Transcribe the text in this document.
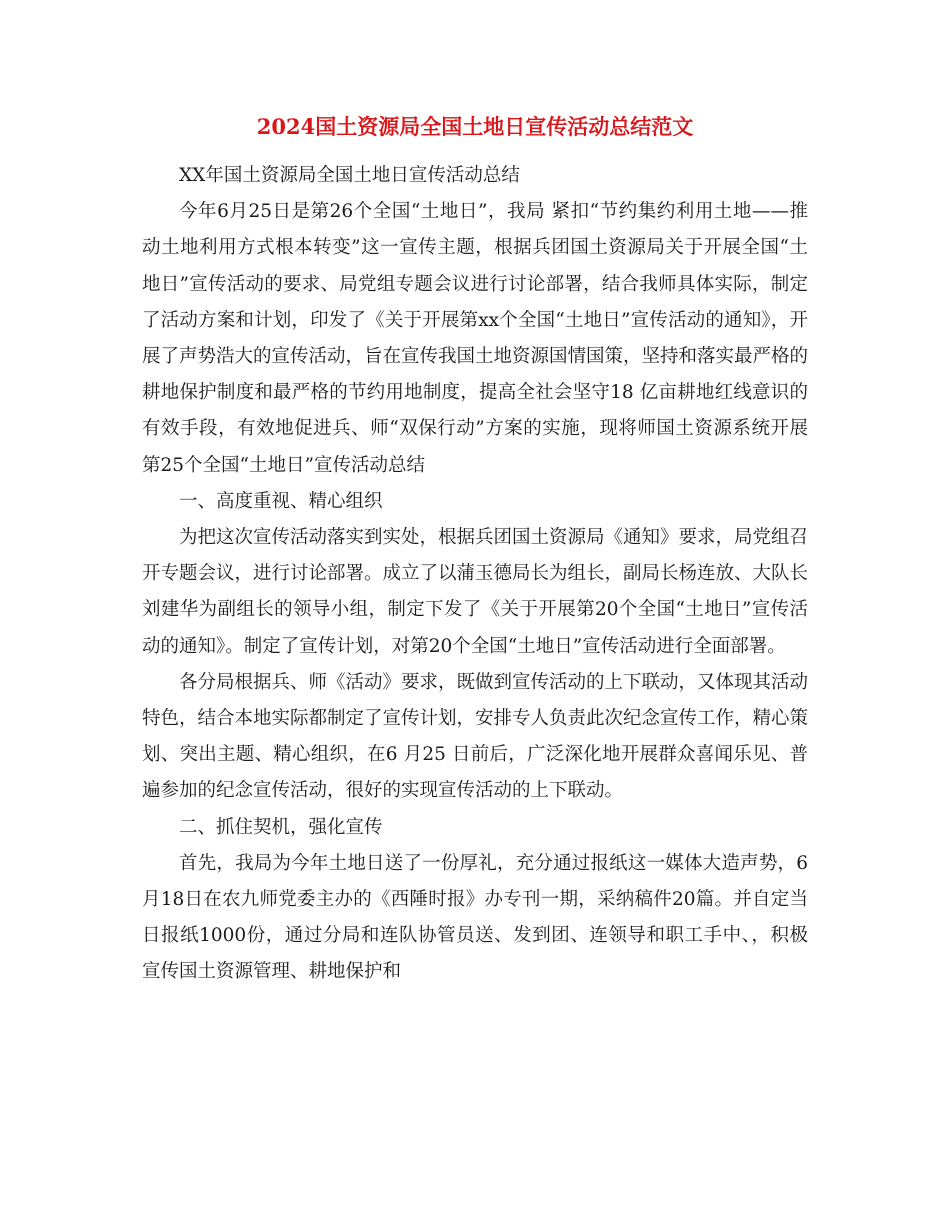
2024国土资源局全国土地日宣传活动总结范文

XX年国土资源局全国土地日宣传活动总结

今年6月25日是第26个全国“土地日”，我局 紧扣“节约集约利用土地——推动土地利用方式根本转变”这一宣传主题，根据兵团国土资源局关于开展全国“土地日”宣传活动的要求、局党组专题会议进行讨论部署，结合我师具体实际，制定了活动方案和计划，印发了《关于开展第xx个全国“土地日”宣传活动的通知》，开展了声势浩大的宣传活动，旨在宣传我国土地资源国情国策，坚持和落实最严格的耕地保护制度和最严格的节约用地制度，提高全社会坚守18 亿亩耕地红线意识的有效手段，有效地促进兵、师“双保行动”方案的实施，现将师国土资源系统开展第25个全国“土地日”宣传活动总结

一、高度重视、精心组织

为把这次宣传活动落实到实处，根据兵团国土资源局《通知》要求，局党组召开专题会议，进行讨论部署。成立了以蒲玉德局长为组长，副局长杨连放、大队长刘建华为副组长的领导小组，制定下发了《关于开展第20个全国“土地日”宣传活动的通知》。制定了宣传计划，对第20个全国“土地日”宣传活动进行全面部署。

各分局根据兵、师《活动》要求，既做到宣传活动的上下联动，又体现其活动特色，结合本地实际都制定了宣传计划，安排专人负责此次纪念宣传工作，精心策划、突出主题、精心组织，在6 月25 日前后，广泛深化地开展群众喜闻乐见、普遍参加的纪念宣传活动，很好的实现宣传活动的上下联动。

二、抓住契机，强化宣传

首先，我局为今年土地日送了一份厚礼，充分通过报纸这一媒体大造声势，6月18日在农九师党委主办的《西陲时报》办专刊一期，采纳稿件20篇。并自定当日报纸1000份，通过分局和连队协管员送、发到团、连领导和职工手中、，积极宣传国土资源管理、耕地保护和
